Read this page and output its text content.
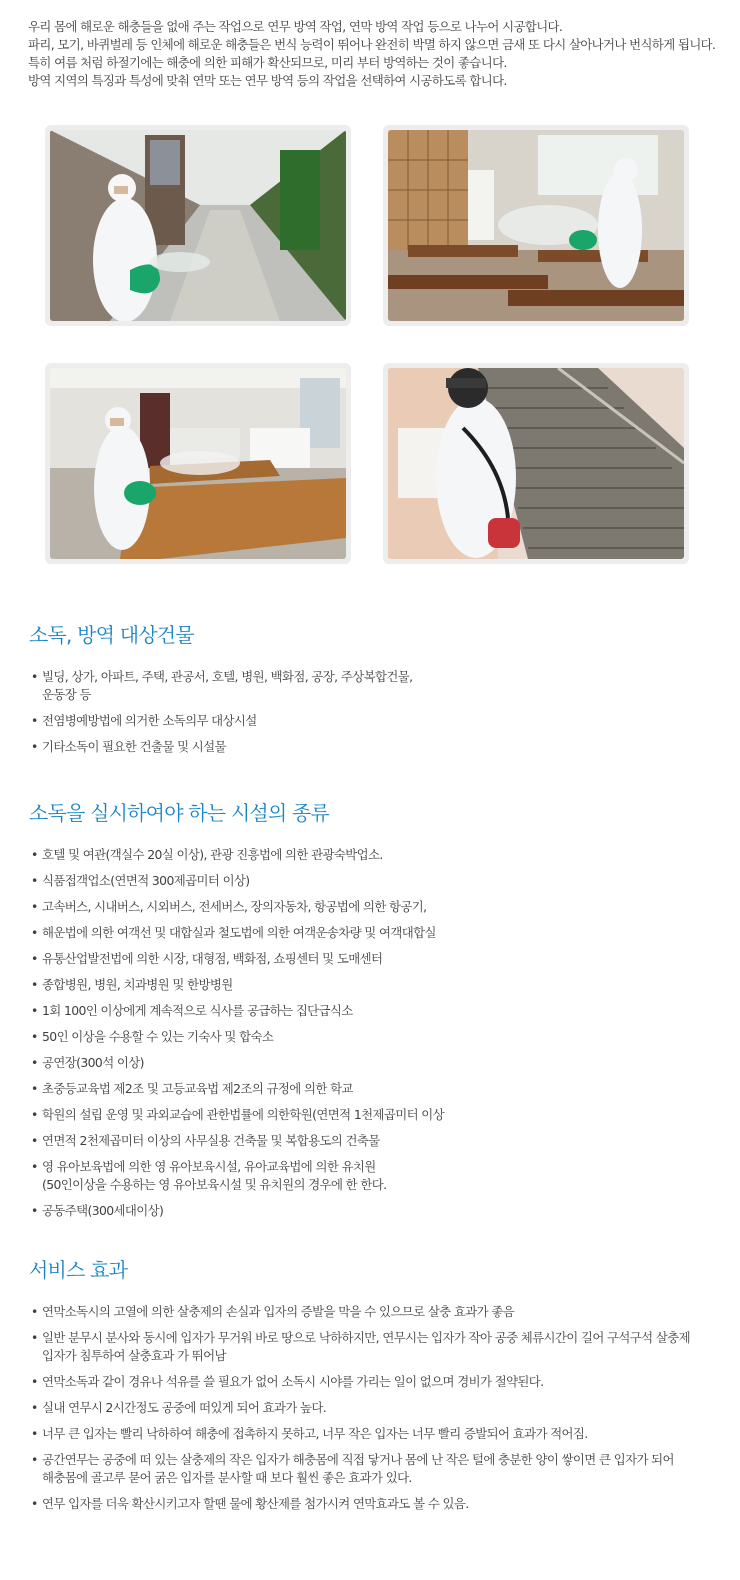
우리 몸에 해로운 해충들을 없애 주는 작업으로 연무 방역 작업, 연막 방역 작업 등으로 나누어 시공합니다.

파리, 모기, 바퀴벌레 등 인체에 해로운 해충들은 번식 능력이 뛰어나 완전히 박멸 하지 않으면 금새 또 다시 살아나거나 번식하게 됩니다.

특히 여름 처럼 하절기에는 해충에 의한 피해가 확산되므로, 미리 부터 방역하는 것이 좋습니다.

방역 지역의 특징과 특성에 맞춰 연막 또는 연무 방역 등의 작업을 선택하여 시공하도록 합니다.

소독, 방역 대상건물
• 빌딩, 상가, 아파트, 주택, 관공서, 호텔, 병원, 백화점, 공장, 주상복합건물,
운동장 등
• 전염병예방법에 의거한 소독의무 대상시설
• 기타소독이 필요한 건출물 및 시설물
소독을 실시하여야 하는 시설의 종류
• 호텔 및 여관(객실수 20실 이상), 관광 진흥법에 의한 관광숙박업소.
• 식품접객업소(연면적 300제곱미터 이상)
• 고속버스, 시내버스, 시외버스, 전세버스, 장의자동차, 항공법에 의한 항공기,
• 해운법에 의한 여객선 및 대합실과 철도법에 의한 여객운송차량 및 여객대합실
• 유통산업발전법에 의한 시장, 대형점, 백화점, 쇼핑센터 및 도매센터
• 종합병원, 병원, 치과병원 및 한방병원
• 1회 100인 이상에게 계속적으로 식사를 공급하는 집단급식소
• 50인 이상을 수용할 수 있는 기숙사 및 합숙소
• 공연장(300석 이상)
• 초중등교육법 제2조 및 고등교육법 제2조의 규정에 의한 학교
• 학원의 설립 운영 및 과외교습에 관한법률에 의한학원(연면적 1천제곱미터 이상
• 연면적 2천제곱미터 이상의 사무실용 건축물 및 복합용도의 건축물
• 영 유아보육법에 의한 영 유아보육시설, 유아교육법에 의한 유치원
(50인이상을 수용하는 영 유아보육시설 및 유치원의 경우에 한 한다.
• 공동주택(300세대이상)
서비스 효과
• 연막소독시의 고열에 의한 살충제의 손실과 입자의 증발을 막을 수 있으므로 살충 효과가 좋음
• 일반 분무시 분사와 동시에 입자가 무거워 바로 땅으로 낙하하지만, 연무시는 입자가 작아 공중 체류시간이 길어 구석구석 살충제
입자가 침투하여 살충효과 가 뛰어남
• 연막소독과 같이 경유나 석유를 쓸 필요가 없어 소독시 시야를 가리는 일이 없으며 경비가 절약된다.
• 실내 연무시 2시간정도 공중에 떠있게 되어 효과가 높다.
• 너무 큰 입자는 빨리 낙하하여 해충에 접촉하지 못하고, 너무 작은 입자는 너무 빨리 증발되어 효과가 적어짐.
• 공간연무는 공중에 떠 있는 살충제의 작은 입자가 해충몸에 직접 닿거나 몸에 난 작은 털에 충분한 양이 쌓이면 큰 입자가 되어
해충몸에 골고루 묻어 굵은 입자를 분사할 때 보다 훨씬 좋은 효과가 있다.
• 연무 입자를 더욱 확산시키고자 할땐 물에 황산제를 첨가시켜 연막효과도 볼 수 있음.
